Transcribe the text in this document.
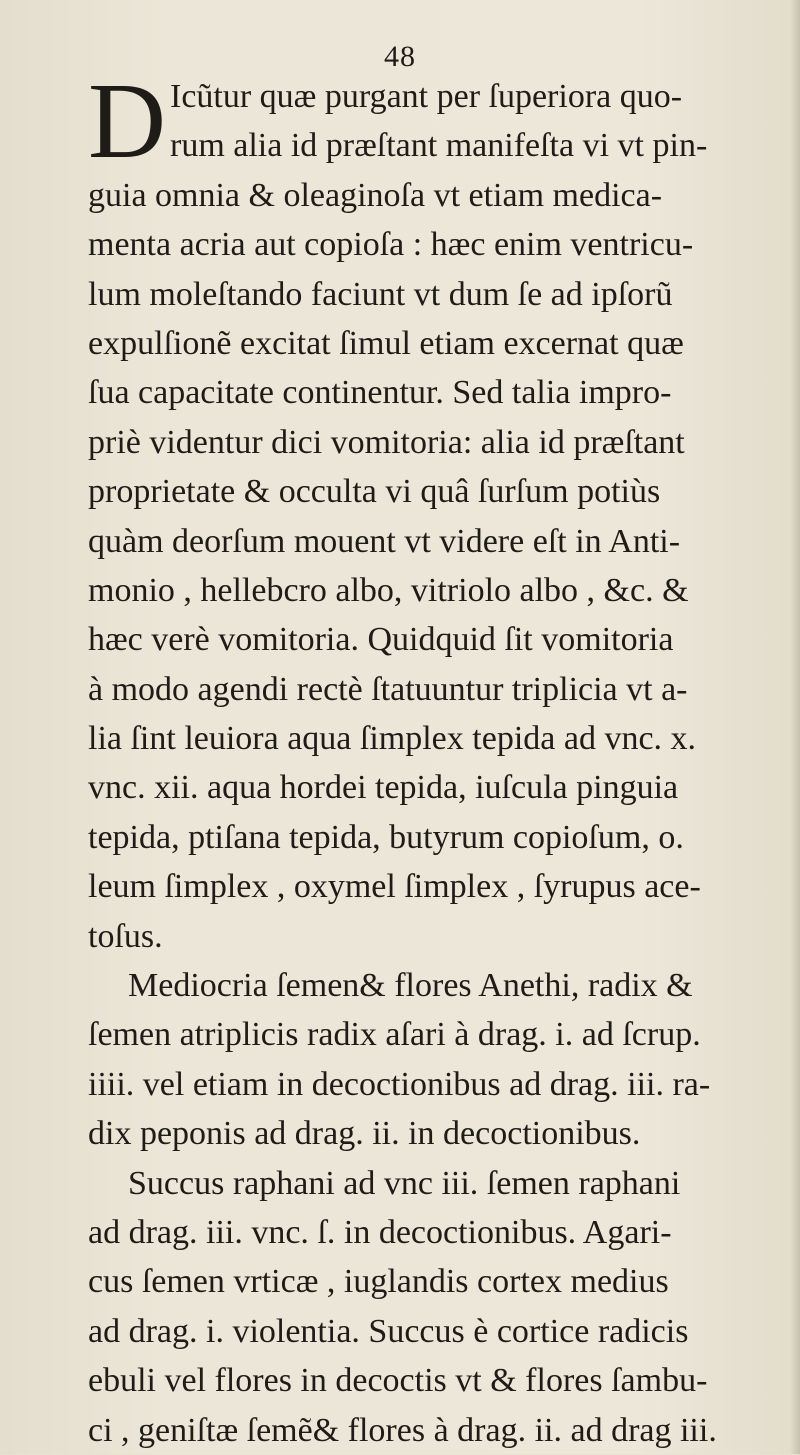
48
D Icũtur quæ purgant per ſuperiora quo-
rum alia id præſtant manifeſta vi vt pin-
guia omnia & oleaginoſa vt etiam medica-
menta acria aut copioſa : hæc enim ventricu-
lum moleſtando faciunt vt dum ſe ad ipſorũ
expulſionẽ excitat ſimul etiam excernat quæ
ſua capacitate continentur. Sed talia impro-
priè videntur dici vomitoria: alia id præſtant
proprietate & occulta vi quâ ſurſum potiùs
quàm deorſum mouent vt videre eſt in Anti-
monio , hellebcro albo, vitriolo albo , &c. &
hæc verè vomitoria. Quidquid ſit vomitoria
à modo agendi rectè ſtatuuntur triplicia vt a-
lia ſint leuiora aqua ſimplex tepida ad vnc. x.
vnc. xii. aqua hordei tepida, iuſcula pinguia
tepida, ptiſana tepida, butyrum copioſum, o.
leum ſimplex , oxymel ſimplex , ſyrupus ace-
toſus.
Mediocria ſemen& flores Anethi, radix &
ſemen atriplicis radix aſari à drag. i. ad ſcrup.
iiii. vel etiam in decoctionibus ad drag. iii. ra-
dix peponis ad drag. ii. in decoctionibus.
Succus raphani ad vnc iii. ſemen raphani
ad drag. iii. vnc. ſ. in decoctionibus. Agari-
cus ſemen vrticæ , iuglandis cortex medius
ad drag. i. violentia. Succus è cortice radicis
ebuli vel flores in decoctis vt & flores ſambu-
ci , geniſtæ ſemẽ& flores à drag. ii. ad drag iii.
